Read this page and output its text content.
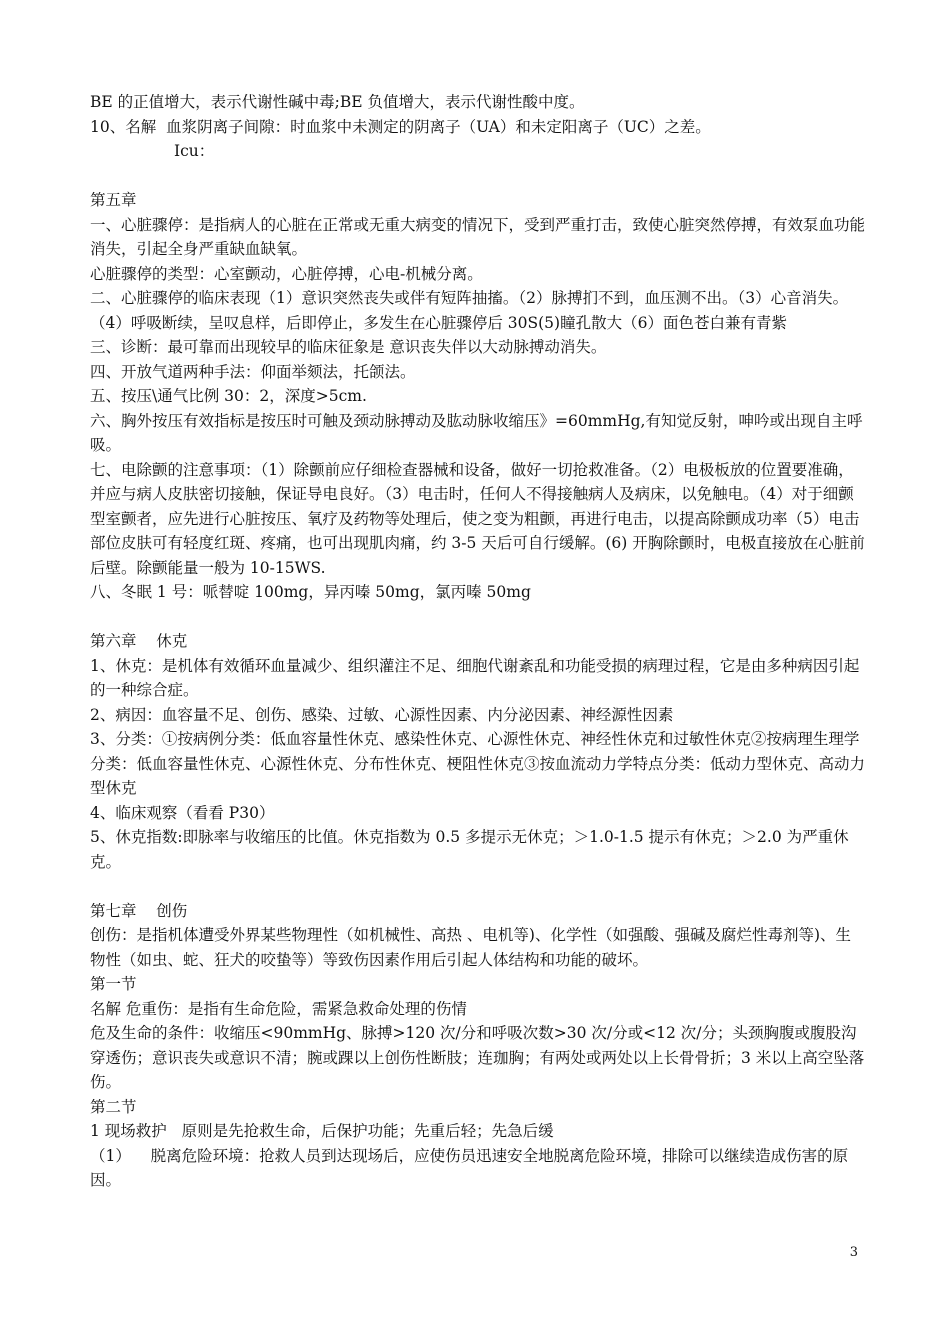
BE 的正值增大，表示代谢性碱中毒;BE 负值增大，表示代谢性酸中度。

10、名解  血浆阴离子间隙：时血浆中未测定的阴离子（UA）和未定阳离子（UC）之差。

Icu：

第五章

一、心脏骤停：是指病人的心脏在正常或无重大病变的情况下，受到严重打击，致使心脏突然停搏，有效泵血功能消失，引起全身严重缺血缺氧。

心脏骤停的类型：心室颤动，心脏停搏，心电-机械分离。

二、心脏骤停的临床表现（1）意识突然丧失或伴有短阵抽搐。（2）脉搏扪不到，血压测不出。（3）心音消失。（4）呼吸断续，呈叹息样，后即停止，多发生在心脏骤停后 30S(5)瞳孔散大（6）面色苍白兼有青紫

三、诊断：最可靠而出现较早的临床征象是 意识丧失伴以大动脉搏动消失。

四、开放气道两种手法：仰面举颏法，托颌法。

五、按压\通气比例 30：2，深度>5cm.

六、胸外按压有效指标是按压时可触及颈动脉搏动及肱动脉收缩压》=60mmHg,有知觉反射，呻吟或出现自主呼吸。

七、电除颤的注意事项：（1）除颤前应仔细检查器械和设备，做好一切抢救准备。（2）电极板放的位置要准确，并应与病人皮肤密切接触，保证导电良好。（3）电击时，任何人不得接触病人及病床，以免触电。（4）对于细颤型室颤者，应先进行心脏按压、氧疗及药物等处理后，使之变为粗颤，再进行电击，以提高除颤成功率（5）电击部位皮肤可有轻度红斑、疼痛，也可出现肌肉痛，约 3-5 天后可自行缓解。(6) 开胸除颤时，电极直接放在心脏前后壁。除颤能量一般为 10-15WS.

八、冬眠 1 号：哌替啶 100mg，异丙嗪 50mg，氯丙嗪 50mg

第六章    休克

1、休克：是机体有效循环血量减少、组织灌注不足、细胞代谢紊乱和功能受损的病理过程，它是由多种病因引起的一种综合症。

2、病因：血容量不足、创伤、感染、过敏、心源性因素、内分泌因素、神经源性因素

3、分类：①按病例分类：低血容量性休克、感染性休克、心源性休克、神经性休克和过敏性休克②按病理生理学分类：低血容量性休克、心源性休克、分布性休克、梗阻性休克③按血流动力学特点分类：低动力型休克、高动力型休克

4、临床观察（看看 P30）

5、休克指数:即脉率与收缩压的比值。休克指数为 0.5 多提示无休克；＞1.0-1.5 提示有休克；＞2.0 为严重休克。

第七章    创伤

创伤：是指机体遭受外界某些物理性（如机械性、高热 、电机等)、化学性（如强酸、强碱及腐烂性毒剂等)、生物性（如虫、蛇、狂犬的咬蛰等）等致伤因素作用后引起人体结构和功能的破坏。

第一节

名解 危重伤：是指有生命危险，需紧急救命处理的伤情

危及生命的条件：收缩压<90mmHg、脉搏>120 次/分和呼吸次数>30 次/分或<12 次/分；头颈胸腹或腹股沟穿透伤；意识丧失或意识不清；腕或踝以上创伤性断肢；连珈胸；有两处或两处以上长骨骨折；3 米以上高空坠落伤。

第二节

1 现场救护   原则是先抢救生命，后保护功能；先重后轻；先急后缓

（1）    脱离危险环境：抢救人员到达现场后，应使伤员迅速安全地脱离危险环境，排除可以继续造成伤害的原因。

3
